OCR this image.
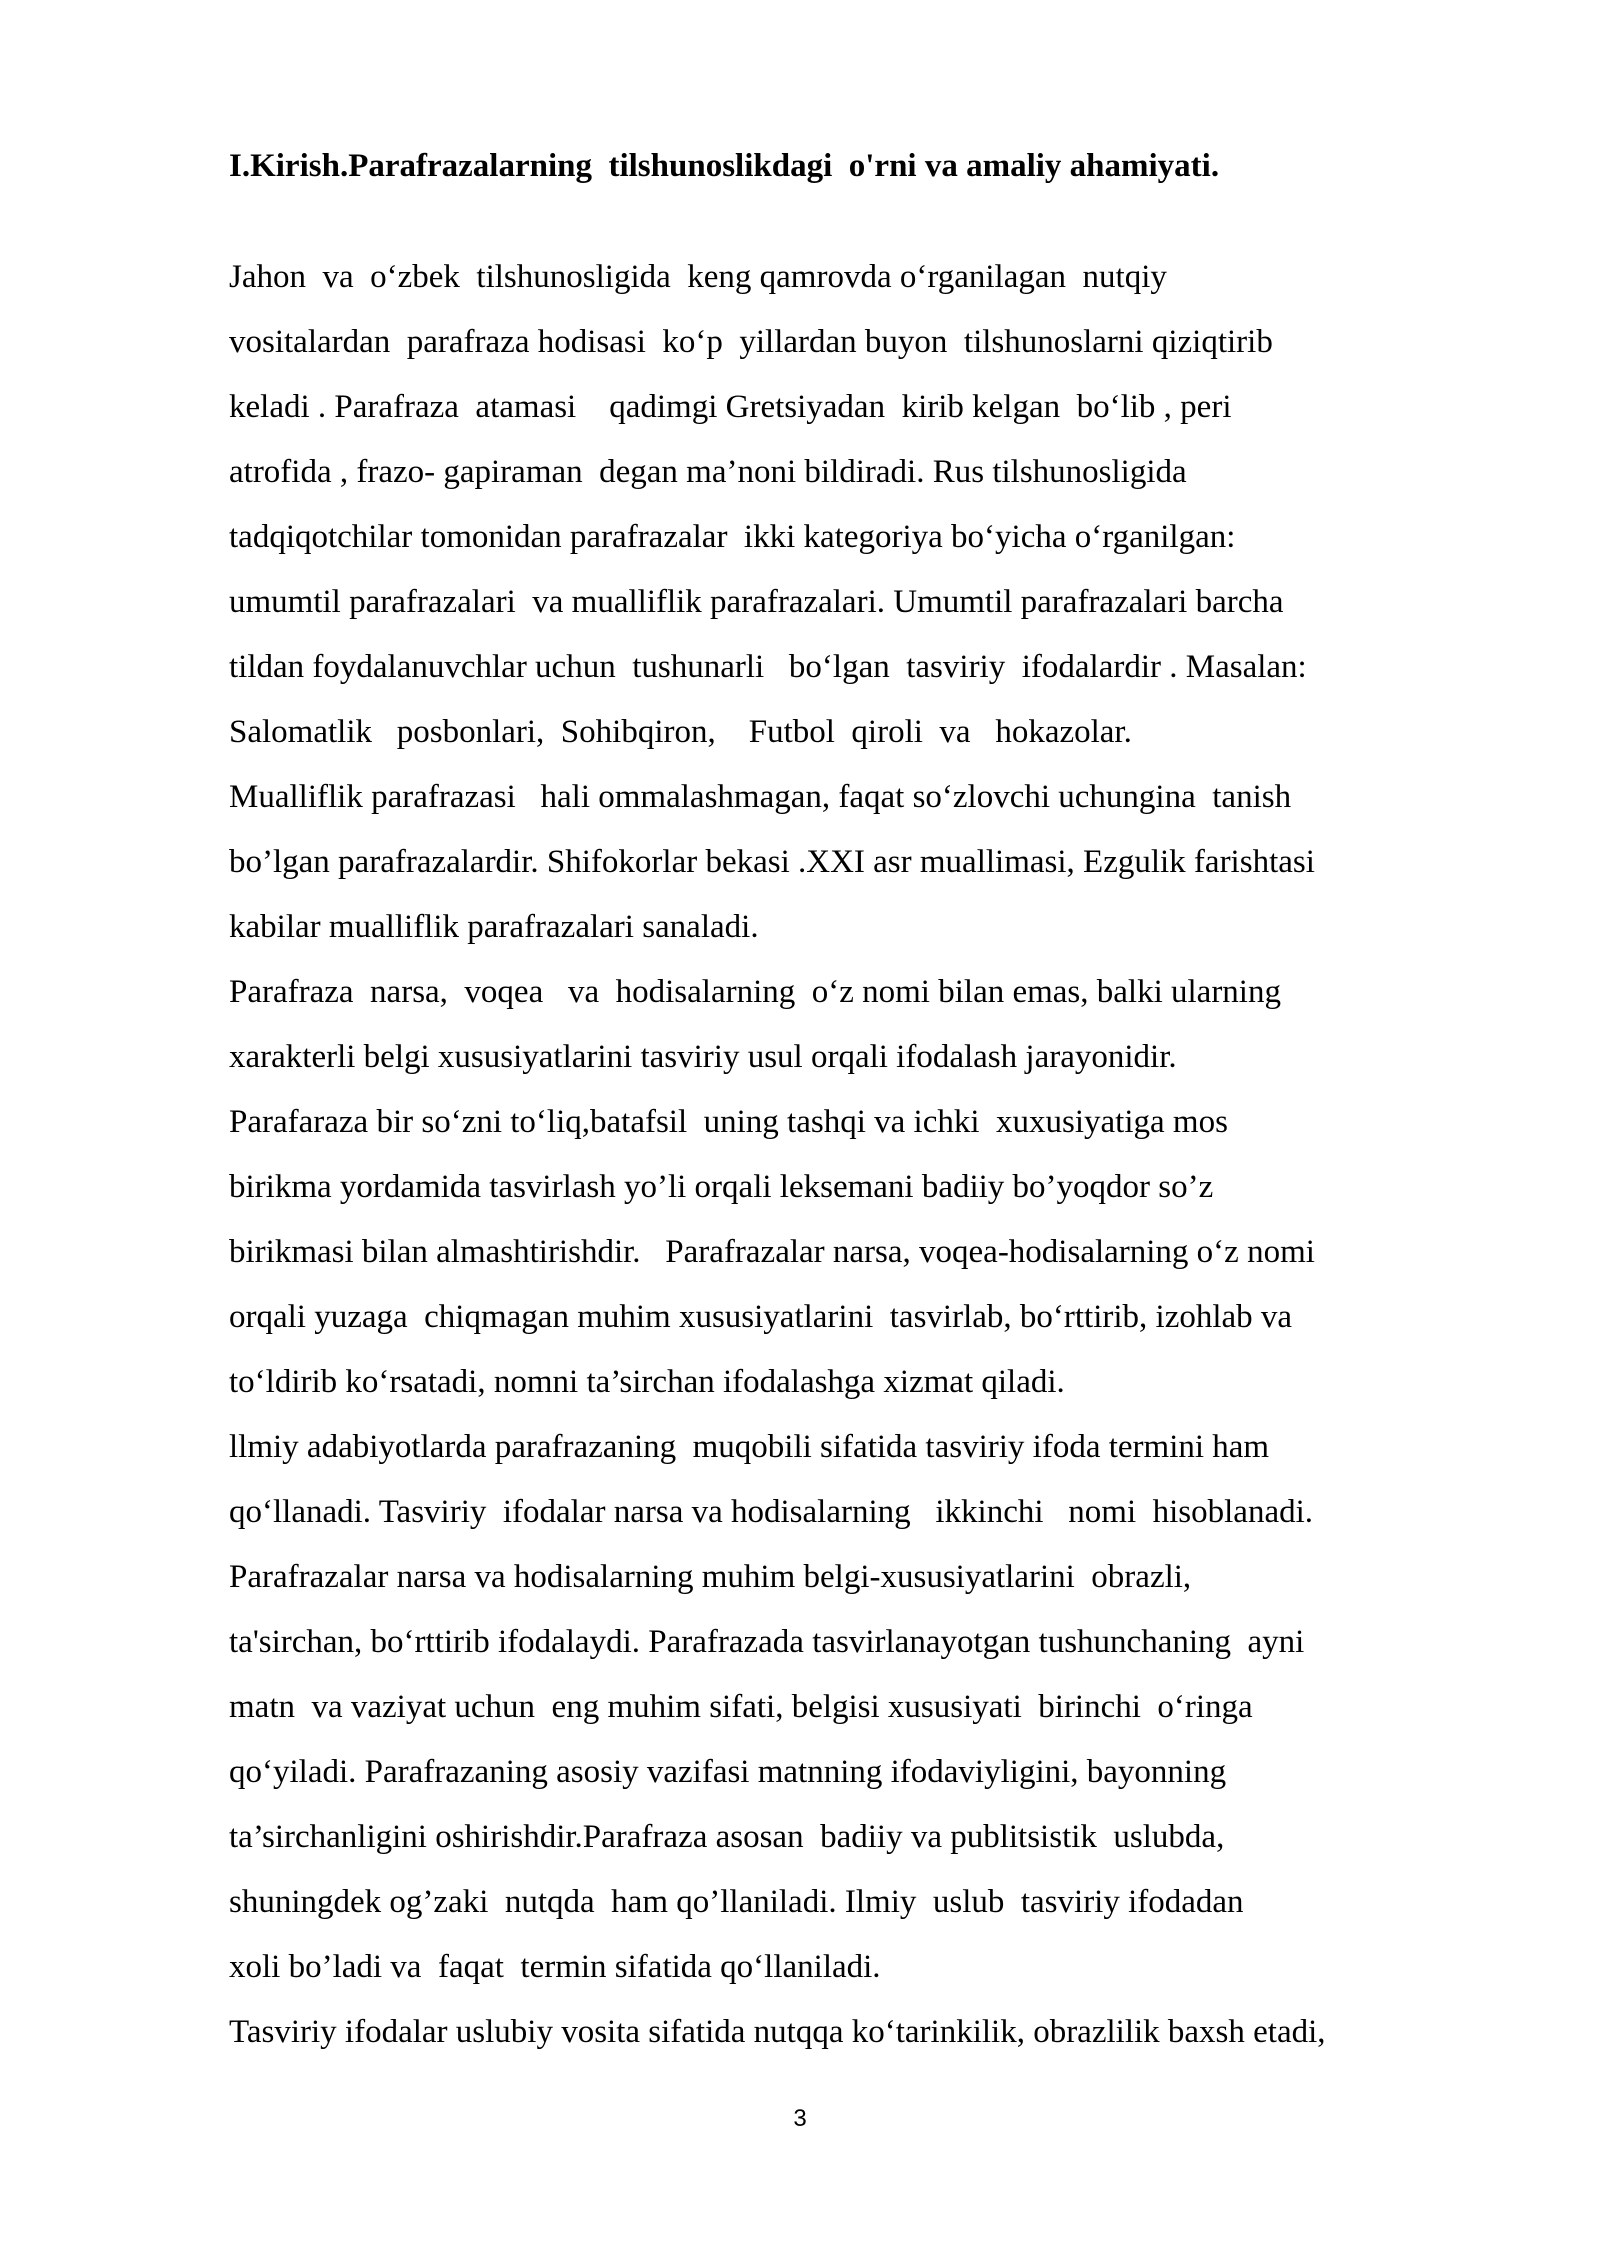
I.Kirish.Parafrazalarning  tilshunoslikdagi  o'rni va amaliy ahamiyati.
Jahon  va  o‘zbek  tilshunosligida  keng qamrovda o‘rganilagan  nutqiy
vositalardan  parafraza hodisasi  ko‘p  yillardan buyon  tilshunoslarni qiziqtirib
keladi . Parafraza  atamasi    qadimgi Gretsiyadan  kirib kelgan  bo‘lib , peri
atrofida , frazo- gapiraman  degan ma’noni bildiradi. Rus tilshunosligida
tadqiqotchilar tomonidan parafrazalar  ikki kategoriya bo‘yicha o‘rganilgan:
umumtil parafrazalari  va mualliflik parafrazalari. Umumtil parafrazalari barcha
tildan foydalanuvchlar uchun  tushunarli   bo‘lgan  tasviriy  ifodalardir . Masalan:
Salomatlik   posbonlari,  Sohibqiron,    Futbol  qiroli  va   hokazolar.
Mualliflik parafrazasi   hali ommalashmagan, faqat so‘zlovchi uchungina  tanish
bo’lgan parafrazalardir. Shifokorlar bekasi .XXI asr muallimasi, Ezgulik farishtasi
kabilar mualliflik parafrazalari sanaladi.
Parafraza  narsa,  voqea   va  hodisalarning  o‘z nomi bilan emas, balki ularning
xarakterli belgi xususiyatlarini tasviriy usul orqali ifodalash jarayonidir.
Parafaraza bir so‘zni to‘liq,batafsil  uning tashqi va ichki  xuxusiyatiga mos
birikma yordamida tasvirlash yo’li orqali leksemani badiiy bo’yoqdor so’z
birikmasi bilan almashtirishdir.   Parafrazalar narsa, voqea-hodisalarning o‘z nomi
orqali yuzaga  chiqmagan muhim xususiyatlarini  tasvirlab, bo‘rttirib, izohlab va
to‘ldirib ko‘rsatadi, nomni ta’sirchan ifodalashga xizmat qiladi.
llmiy adabiyotlarda parafrazaning  muqobili sifatida tasviriy ifoda termini ham
qo‘llanadi. Tasviriy  ifodalar narsa va hodisalarning   ikkinchi   nomi  hisoblanadi.
Parafrazalar narsa va hodisalarning muhim belgi-xususiyatlarini  obrazli,
ta'sirchan, bo‘rttirib ifodalaydi. Parafrazada tasvirlanayotgan tushunchaning  ayni
matn  va vaziyat uchun  eng muhim sifati, belgisi xususiyati  birinchi  o‘ringa
qo‘yiladi. Parafrazaning asosiy vazifasi matnning ifodaviyligini, bayonning
ta’sirchanligini oshirishdir.Parafraza asosan  badiiy va publitsistik  uslubda,
shuningdek og’zaki  nutqda  ham qo’llaniladi. Ilmiy  uslub  tasviriy ifodadan
xoli bo’ladi va  faqat  termin sifatida qo‘llaniladi.
Tasviriy ifodalar uslubiy vosita sifatida nutqqa ko‘tarinkilik, obrazlilik baxsh etadi,
3
